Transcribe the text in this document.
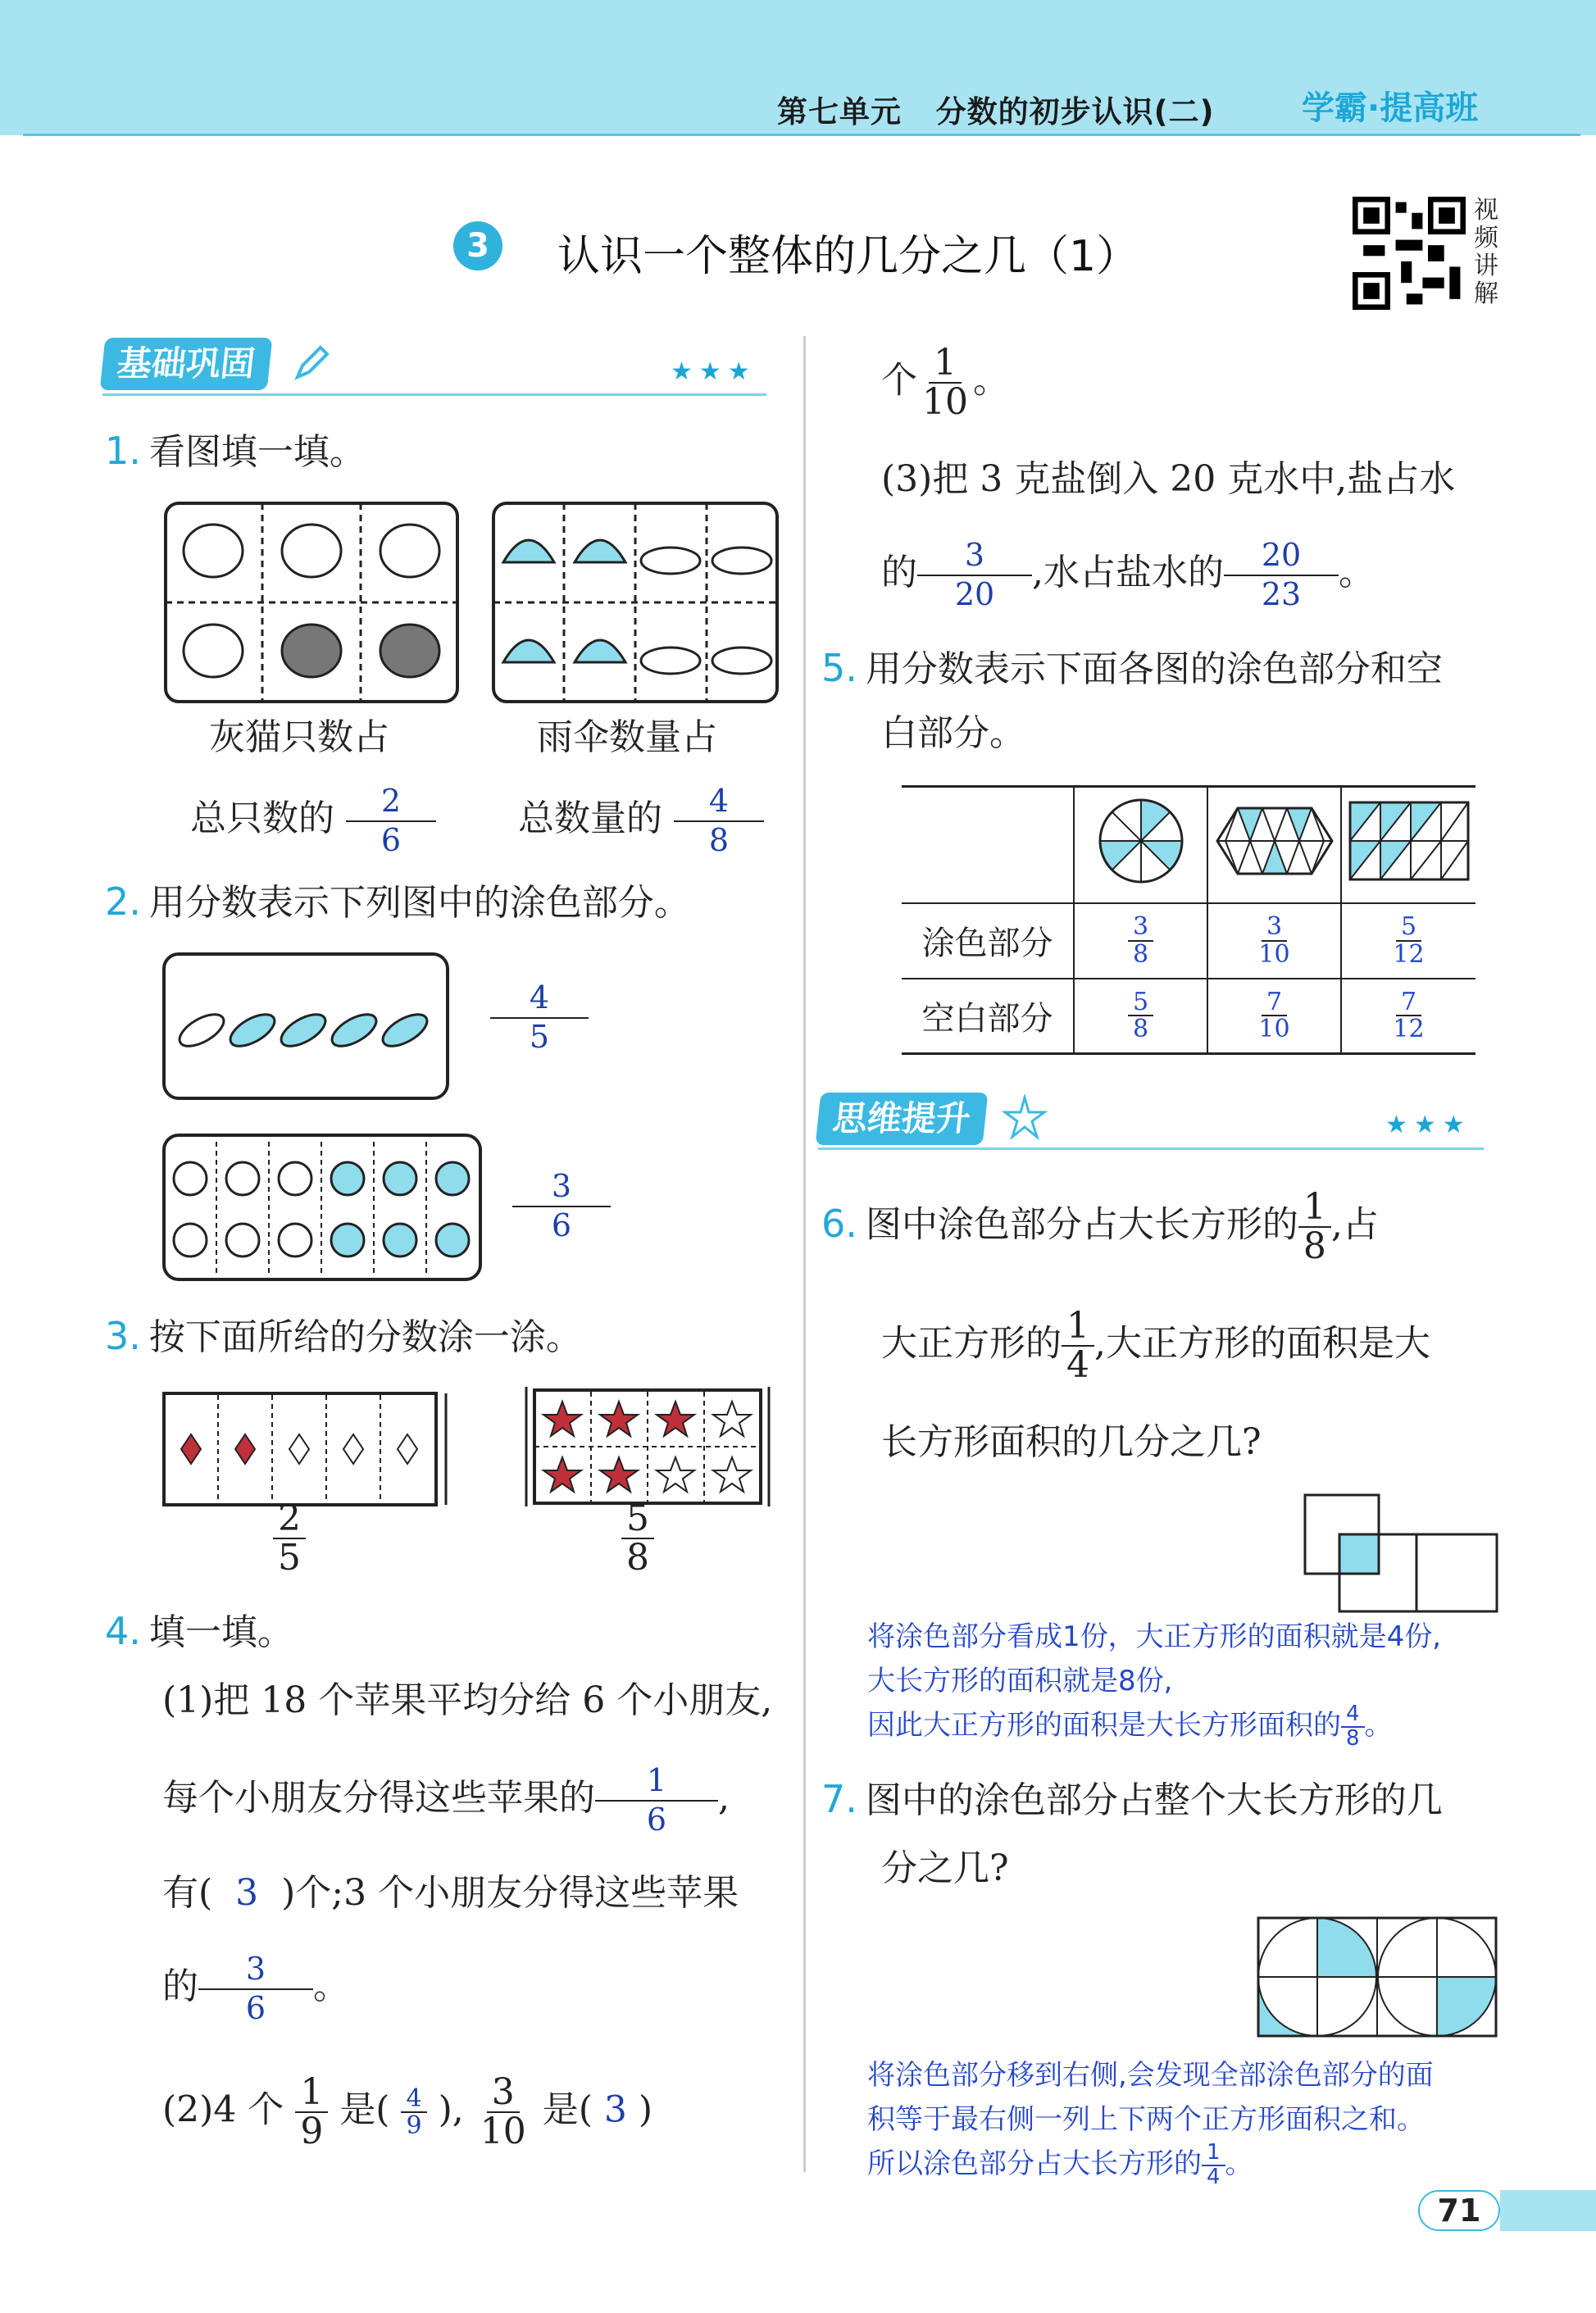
第七单元 分数的初步认识(二)	学霸·提高班
3	认识一个整体的几分之几（1）
视频讲解
基础巩固	★★★
1. 看图填一填。
灰猫只数占
总只数的 $\frac{2}{6}$
雨伞数量占
总数量的 $\frac{4}{8}$
2. 用分数表示下列图中的涂色部分。
$\frac{4}{5}$
$\frac{3}{6}$
3. 按下面所给的分数涂一涂。
$\frac{2}{5}$	$\frac{5}{8}$
4. 填一填。
(1)把 18 个苹果平均分给 6 个小朋友,
每个小朋友分得这些苹果的 $\frac{1}{6}$ ,
有( 3 )个;3 个小朋友分得这些苹果
的 $\frac{3}{6}$ 。
(2)4 个 $\frac{1}{9}$ 是( $\frac{4}{9}$ ), $\frac{3}{10}$ 是( 3 )
个 $\frac{1}{10}$ 。
(3)把 3 克盐倒入 20 克水中,盐占水
的 $\frac{3}{20}$ ,水占盐水的 $\frac{20}{23}$ 。
5. 用分数表示下面各图的涂色部分和空
白部分。

涂色部分	$\frac{3}{8}$	$\frac{3}{10}$	$\frac{5}{12}$

空白部分	$\frac{5}{8}$	$\frac{7}{10}$	$\frac{7}{12}$
思维提升	★★★
6. 图中涂色部分占大长方形的 $\frac{1}{8}$ ,占
大正方形的 $\frac{1}{4}$ ,大正方形的面积是大
长方形面积的几分之几?
将涂色部分看成1份，大正方形的面积就是4份,
大长方形的面积就是8份,
因此大正方形的面积是大长方形面积的 $\frac{4}{8}$ 。
7. 图中的涂色部分占整个大长方形的几
分之几?
将涂色部分移到右侧,会发现全部涂色部分的面
积等于最右侧一列上下两个正方形面积之和。
所以涂色部分占大长方形的 $\frac{1}{4}$ 。
71
